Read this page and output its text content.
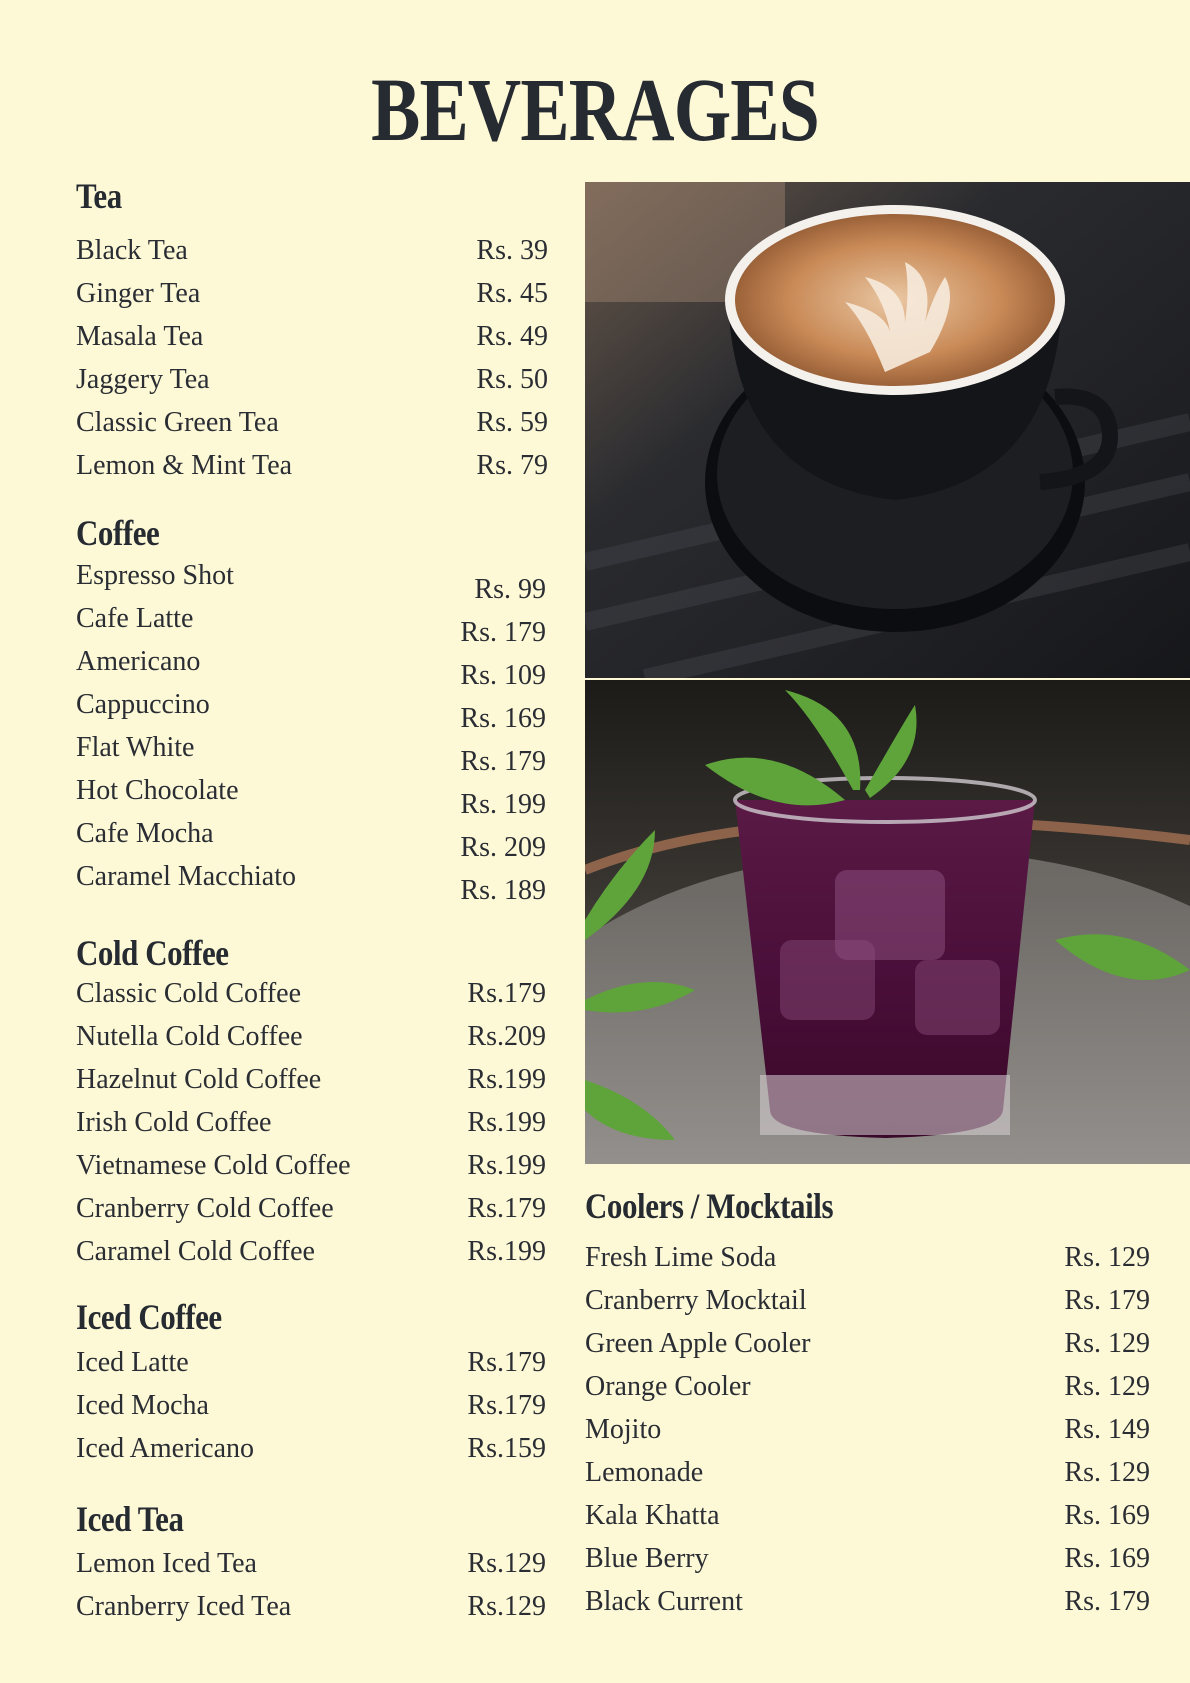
BEVERAGES
Tea
Black Tea	Rs. 39
Ginger Tea	Rs. 45
Masala Tea	Rs. 49
Jaggery Tea	Rs. 50
Classic Green Tea	Rs. 59
Lemon & Mint Tea	Rs. 79
Coffee
Espresso Shot	Rs. 99
Cafe Latte	Rs. 179
Americano	Rs. 109
Cappuccino	Rs. 169
Flat White	Rs. 179
Hot Chocolate	Rs. 199
Cafe Mocha	Rs. 209
Caramel Macchiato	Rs. 189
Cold Coffee
Classic Cold Coffee	Rs.179
Nutella Cold Coffee	Rs.209
Hazelnut Cold Coffee	Rs.199
Irish Cold Coffee	Rs.199
Vietnamese Cold Coffee	Rs.199
Cranberry Cold Coffee	Rs.179
Caramel Cold Coffee	Rs.199
Iced Coffee
Iced Latte	Rs.179
Iced Mocha	Rs.179
Iced Americano	Rs.159
Iced Tea
Lemon Iced Tea	Rs.129
Cranberry Iced Tea	Rs.129
Coolers / Mocktails
Fresh Lime Soda	Rs. 129
Cranberry Mocktail	Rs. 179
Green Apple Cooler	Rs. 129
Orange Cooler	Rs. 129
Mojito	Rs. 149
Lemonade	Rs. 129
Kala Khatta	Rs. 169
Blue Berry	Rs. 169
Black Current	Rs. 179
